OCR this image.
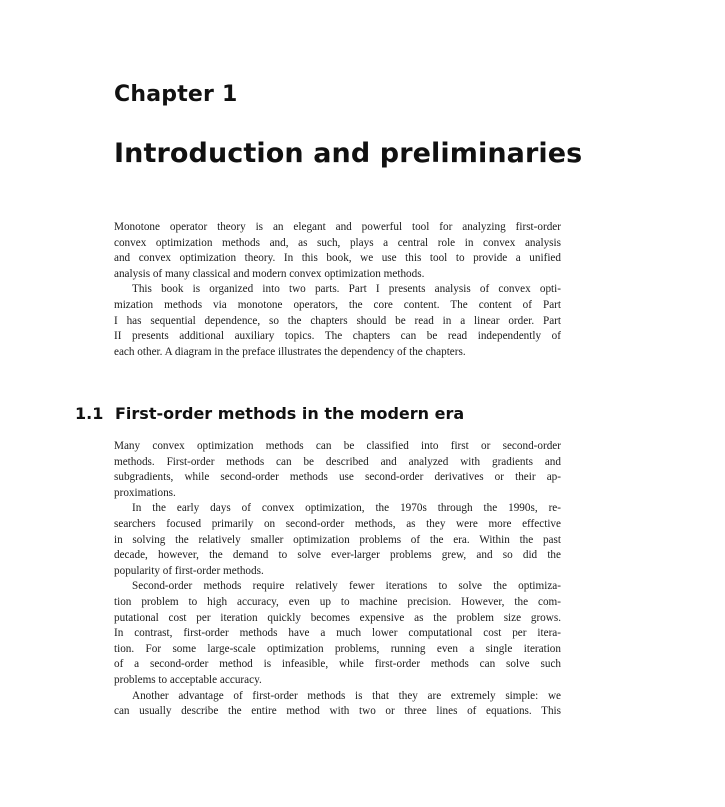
Chapter 1
Introduction and preliminaries
Monotone operator theory is an elegant and powerful tool for analyzing first-order
convex optimization methods and, as such, plays a central role in convex analysis
and convex optimization theory. In this book, we use this tool to provide a unified
analysis of many classical and modern convex optimization methods.
This book is organized into two parts. Part I presents analysis of convex opti-
mization methods via monotone operators, the core content. The content of Part
I has sequential dependence, so the chapters should be read in a linear order. Part
II presents additional auxiliary topics. The chapters can be read independently of
each other. A diagram in the preface illustrates the dependency of the chapters.
1.1 First-order methods in the modern era
Many convex optimization methods can be classified into first or second-order
methods. First-order methods can be described and analyzed with gradients and
subgradients, while second-order methods use second-order derivatives or their ap-
proximations.
In the early days of convex optimization, the 1970s through the 1990s, re-
searchers focused primarily on second-order methods, as they were more effective
in solving the relatively smaller optimization problems of the era. Within the past
decade, however, the demand to solve ever-larger problems grew, and so did the
popularity of first-order methods.
Second-order methods require relatively fewer iterations to solve the optimiza-
tion problem to high accuracy, even up to machine precision. However, the com-
putational cost per iteration quickly becomes expensive as the problem size grows.
In contrast, first-order methods have a much lower computational cost per itera-
tion. For some large-scale optimization problems, running even a single iteration
of a second-order method is infeasible, while first-order methods can solve such
problems to acceptable accuracy.
Another advantage of first-order methods is that they are extremely simple: we
can usually describe the entire method with two or three lines of equations. This
